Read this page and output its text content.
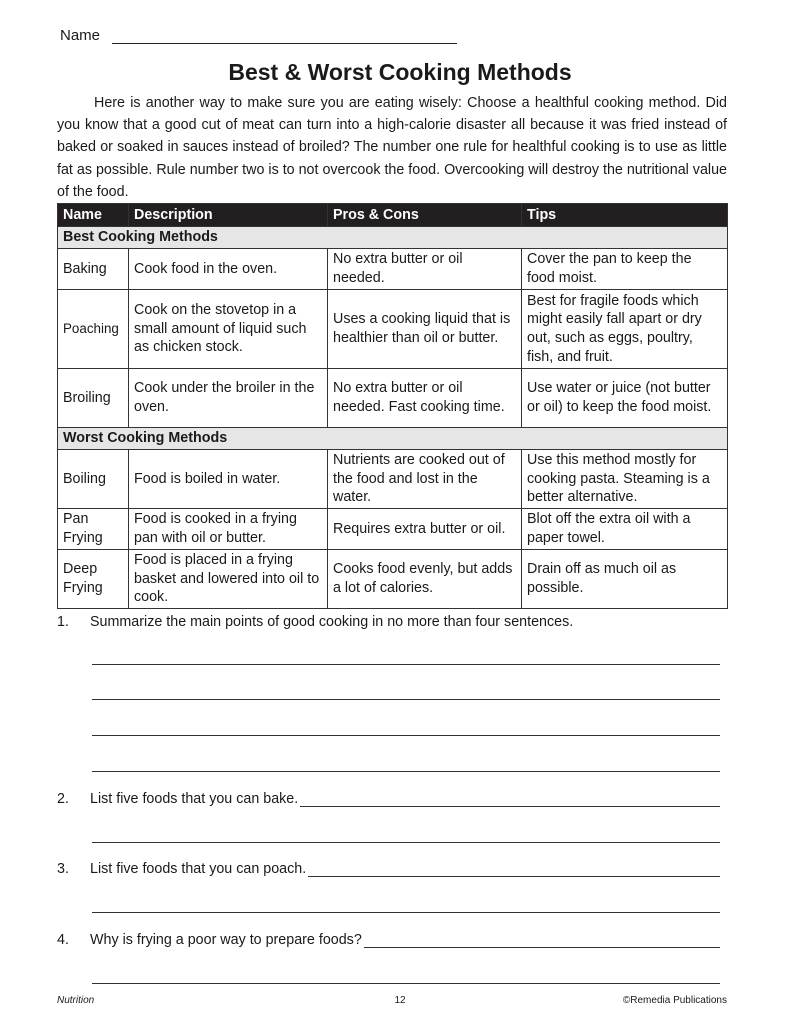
Name
Best & Worst Cooking Methods

Here is another way to make sure you are eating wisely: Choose a healthful cooking method. Did you know that a good cut of meat can turn into a high-calorie disaster all because it was fried instead of baked or soaked in sauces instead of broiled? The number one rule for healthful cooking is to use as little fat as possible. Rule number two is to not overcook the food. Overcooking will destroy the nutritional value of the food.

Name	Description	Pros & Cons	Tips
Best Cooking Methods			
Baking	Cook food in the oven.	No extra butter or oil needed.	Cover the pan to keep the food moist.
Poaching	Cook on the stovetop in a small amount of liquid such as chicken stock.	Uses a cooking liquid that is healthier than oil or butter.	Best for fragile foods which might easily fall apart or dry out, such as eggs, poultry, fish, and fruit.
Broiling	Cook under the broiler in the oven.	No extra butter or oil needed. Fast cooking time.	Use water or juice (not butter or oil) to keep the food moist.
Worst Cooking Methods			
Boiling	Food is boiled in water.	Nutrients are cooked out of the food and lost in the water.	Use this method mostly for cooking pasta. Steaming is a better alternative.
Pan Frying	Food is cooked in a frying pan with oil or butter.	Requires extra butter or oil.	Blot off the extra oil with a paper towel.
Deep Frying	Food is placed in a frying basket and lowered into oil to cook.	Cooks food evenly, but adds a lot of calories.	Drain off as much oil as possible.
1.	Summarize the main points of good cooking in no more than four sentences.
2.	List five foods that you can bake.
3.	List five foods that you can poach.
4.	Why is frying a poor way to prepare foods?
Nutrition	12	©Remedia Publications
